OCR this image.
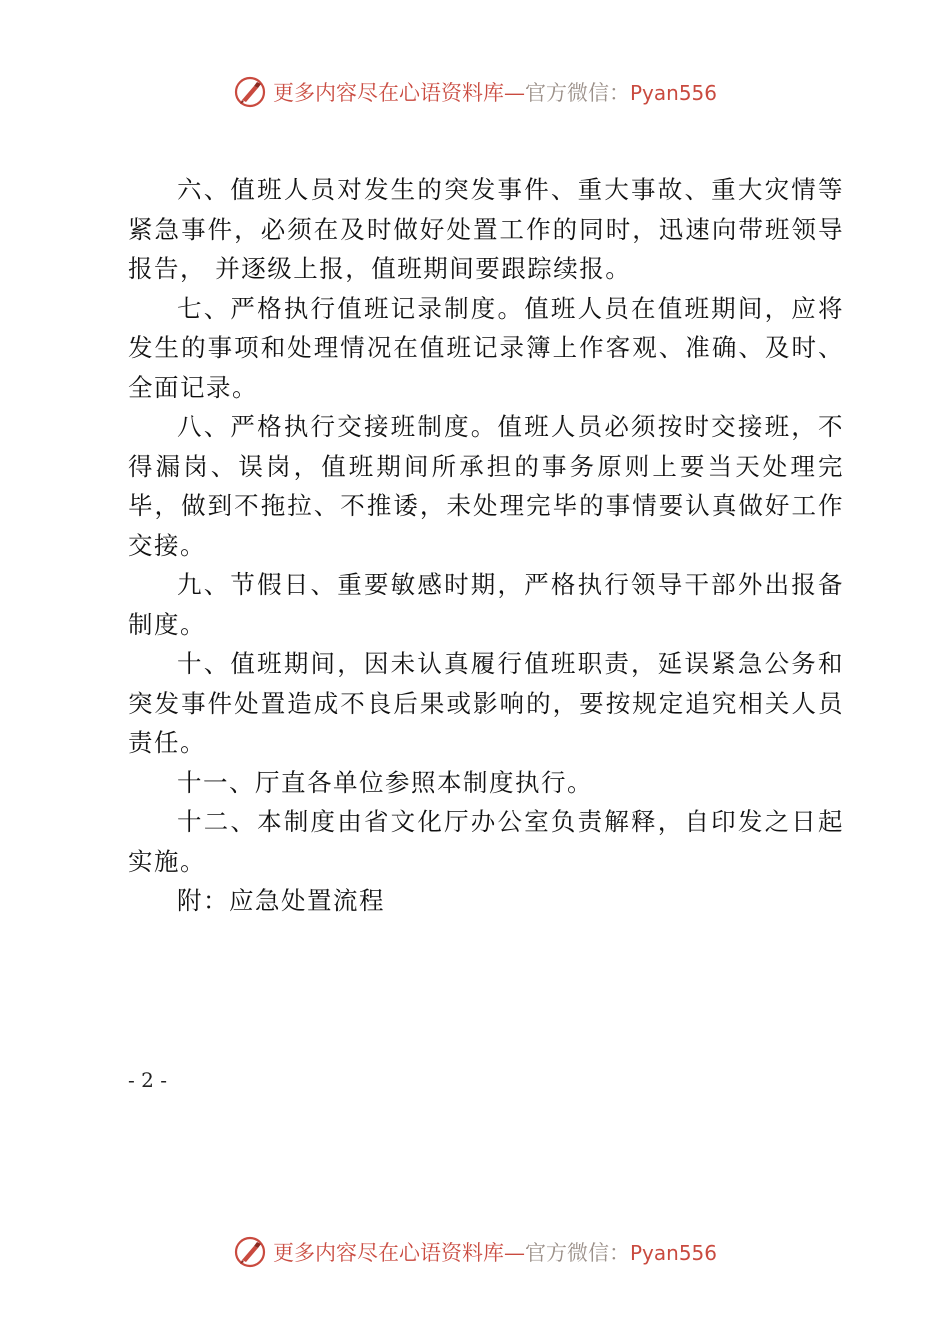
更多内容尽在心语资料库—官方微信：Pyan556

六、值班人员对发生的突发事件、重大事故、重大灾情等紧急事件，必须在及时做好处置工作的同时，迅速向带班领导报告， 并逐级上报，值班期间要跟踪续报。

七、严格执行值班记录制度。值班人员在值班期间，应将发生的事项和处理情况在值班记录簿上作客观、准确、及时、全面记录。

八、严格执行交接班制度。值班人员必须按时交接班，不得漏岗、误岗，值班期间所承担的事务原则上要当天处理完毕，做到不拖拉、不推诿，未处理完毕的事情要认真做好工作交接。

九、节假日、重要敏感时期，严格执行领导干部外出报备制度。

十、值班期间，因未认真履行值班职责，延误紧急公务和突发事件处置造成不良后果或影响的，要按规定追究相关人员责任。

十一、厅直各单位参照本制度执行。

十二、本制度由省文化厅办公室负责解释，自印发之日起实施。

附：应急处置流程

- 2 -
更多内容尽在心语资料库—官方微信：Pyan556
